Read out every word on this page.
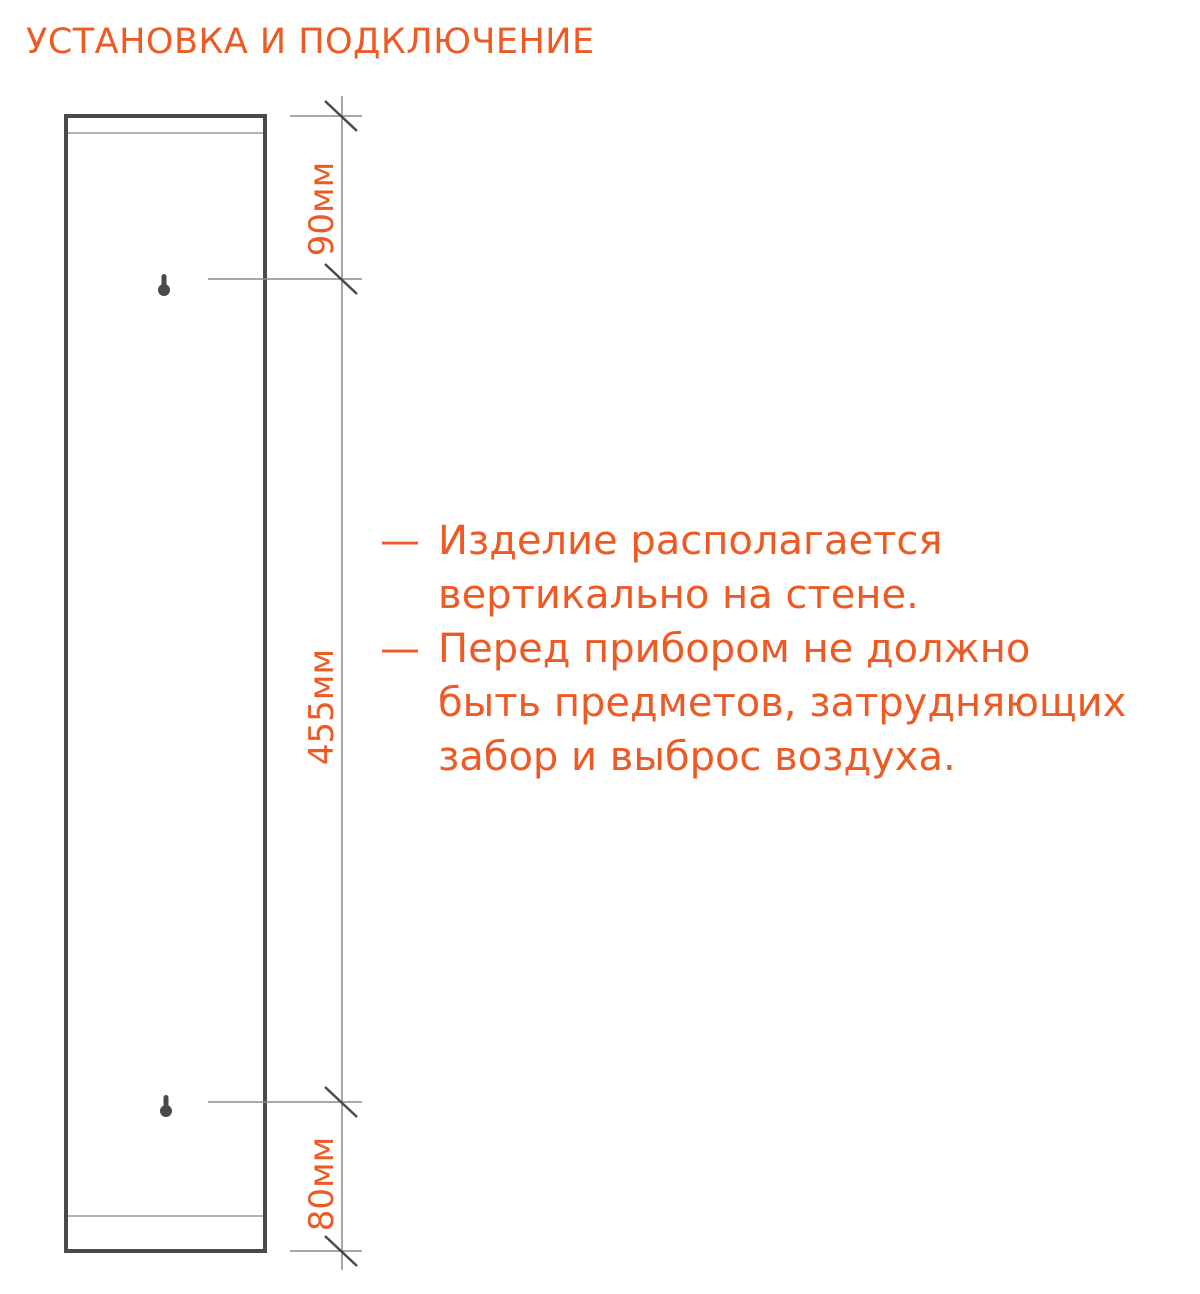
УСТАНОВКА И ПОДКЛЮЧЕНИЕ
90мм
455мм
80мм
— Изделие располагается
вертикально на стене.
— Перед прибором не должно
быть предметов, затрудняющих
забор и выброс воздуха.
